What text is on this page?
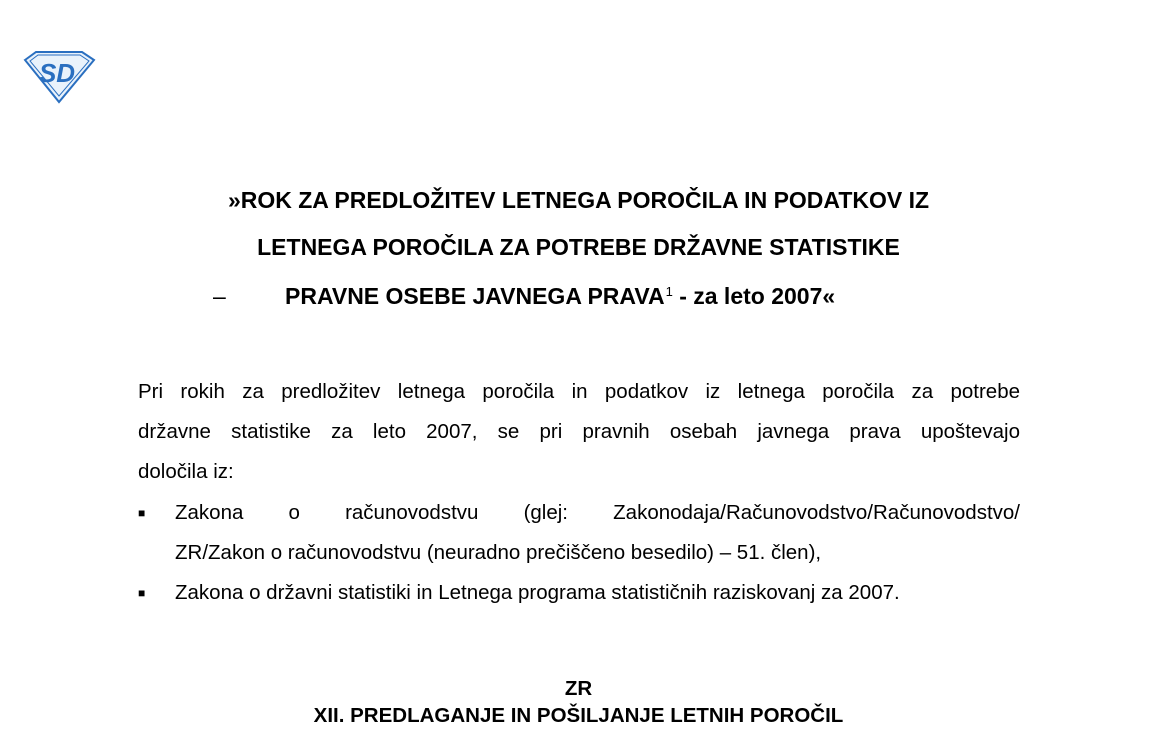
SD
»ROK ZA PREDLOŽITEV LETNEGA POROČILA IN PODATKOV IZ
LETNEGA POROČILA ZA POTREBE DRŽAVNE STATISTIKE
–	PRAVNE OSEBE JAVNEGA PRAVA$^1$ - za leto 2007«
Pri rokih za predložitev letnega poročila in podatkov iz letnega poročila za potrebe
državne statistike za leto 2007, se pri pravnih osebah javnega prava upoštevajo
določila iz:
■ Zakona o računovodstvu (glej: Zakonodaja/Računovodstvo/Računovodstvo/
ZR/Zakon o računovodstvu (neuradno prečiščeno besedilo) – 51. člen),
■ Zakona o državni statistiki in Letnega programa statističnih raziskovanj za 2007.
ZR
XII. PREDLAGANJE IN POŠILJANJE LETNIH POROČIL
